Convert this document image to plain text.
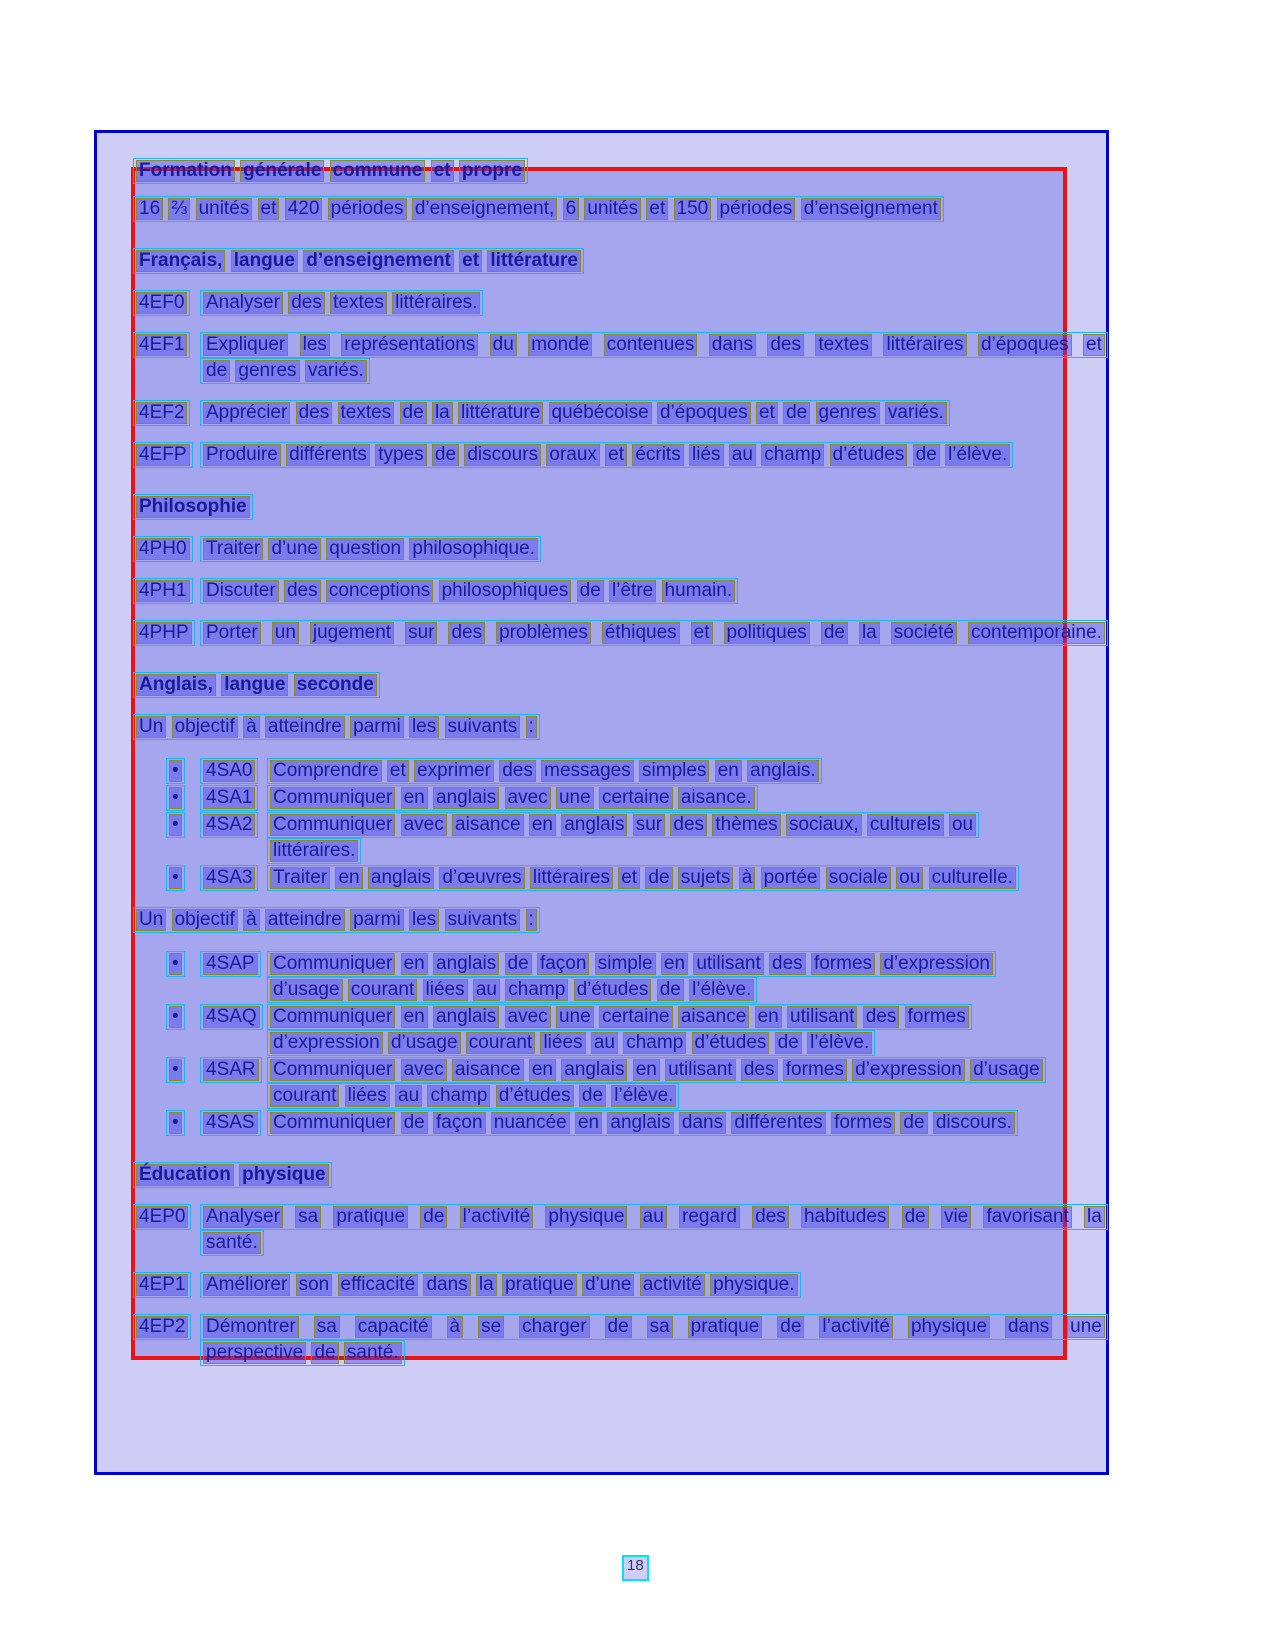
Formation générale commune et propre
16 ⅔ unités et 420 périodes d’enseignement, 6 unités et 150 périodes d’enseignement
Français, langue d’enseignement et littérature
4EF0	Analyser des textes littéraires.
4EF1	Expliquer les représentations du monde contenues dans des textes littéraires d’époques et
de genres variés.
4EF2	Apprécier des textes de la littérature québécoise d’époques et de genres variés.
4EFP	Produire différents types de discours oraux et écrits liés au champ d’études de l’élève.
Philosophie
4PH0	Traiter d’une question philosophique.
4PH1	Discuter des conceptions philosophiques de l’être humain.
4PHP Porter un jugement sur des problèmes éthiques et politiques de la société contemporaine.
Anglais, langue seconde
Un objectif à atteindre parmi les suivants :
•	4SA0	Comprendre et exprimer des messages simples en anglais.
•	4SA1	Communiquer en anglais avec une certaine aisance.
•	4SA2	Communiquer avec aisance en anglais sur des thèmes sociaux, culturels ou
littéraires.
•	4SA3	Traiter en anglais d’œuvres littéraires et de sujets à portée sociale ou culturelle.
Un objectif à atteindre parmi les suivants :
•	4SAP Communiquer en anglais de façon simple en utilisant des formes d’expression
d’usage courant liées au champ d’études de l’élève.
•	4SAQ Communiquer en anglais avec une certaine aisance en utilisant des formes
d’expression d’usage courant liées au champ d’études de l’élève.
•	4SAR Communiquer avec aisance en anglais en utilisant des formes d’expression d’usage
courant liées au champ d’études de l’élève.
•	4SAS Communiquer de façon nuancée en anglais dans différentes formes de discours.
Éducation physique
4EP0	Analyser sa pratique de l’activité physique au regard des habitudes de vie favorisant la
santé.
4EP1	Améliorer son efficacité dans la pratique d’une activité physique.
4EP2	Démontrer sa capacité à se charger de sa pratique de l’activité physique dans une
perspective de santé.
18
